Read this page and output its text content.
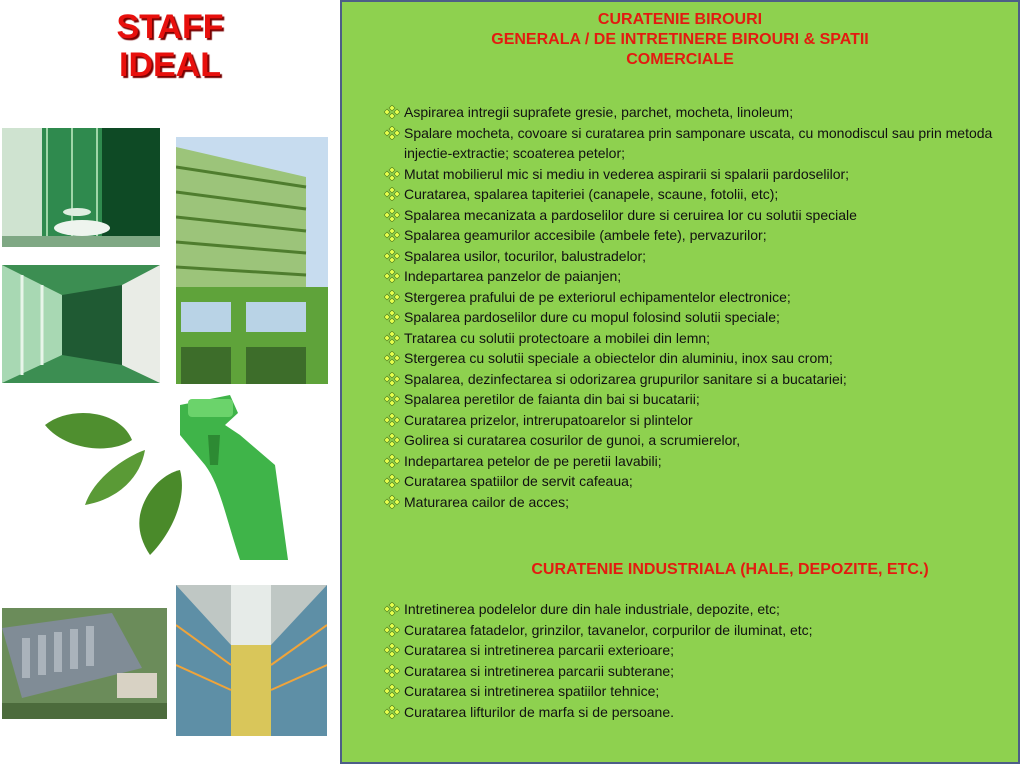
STAFF
IDEAL

CURATENIE BIROURI

GENERALA / DE INTRETINERE BIROURI & SPATII

COMERCIALE

Aspirarea intregii suprafete gresie, parchet, mocheta, linoleum;
Spalare mocheta, covoare si curatarea prin samponare uscata, cu monodiscul sau prin metoda injectie-extractie; scoaterea petelor;
Mutat mobilierul mic si mediu in vederea aspirarii si spalarii pardoselilor;
Curatarea, spalarea tapiteriei (canapele, scaune, fotolii, etc);
Spalarea mecanizata a pardoselilor dure si ceruirea lor cu solutii speciale
Spalarea geamurilor accesibile (ambele fete), pervazurilor;
Spalarea usilor, tocurilor, balustradelor;
Indepartarea panzelor de paianjen;
Stergerea prafului de pe exteriorul echipamentelor electronice;
Spalarea pardoselilor dure cu mopul folosind solutii speciale;
Tratarea cu solutii protectoare a mobilei din lemn;
Stergerea cu solutii speciale a obiectelor din aluminiu, inox sau crom;
Spalarea, dezinfectarea si odorizarea grupurilor sanitare si a bucatariei;
Spalarea peretilor de faianta din bai si bucatarii;
Curatarea prizelor, intrerupatoarelor si plintelor
Golirea si curatarea cosurilor de gunoi, a scrumierelor,
Indepartarea petelor de pe peretii lavabili;
Curatarea spatiilor de servit cafeaua;
Maturarea cailor de acces;

CURATENIE INDUSTRIALA (HALE, DEPOZITE, ETC.)

Intretinerea podelelor dure din hale industriale, depozite, etc;
Curatarea fatadelor, grinzilor, tavanelor, corpurilor de iluminat, etc;
Curatarea si intretinerea parcarii exterioare;
Curatarea si intretinerea parcarii subterane;
Curatarea si intretinerea spatiilor tehnice;
Curatarea lifturilor de marfa si de persoane.
